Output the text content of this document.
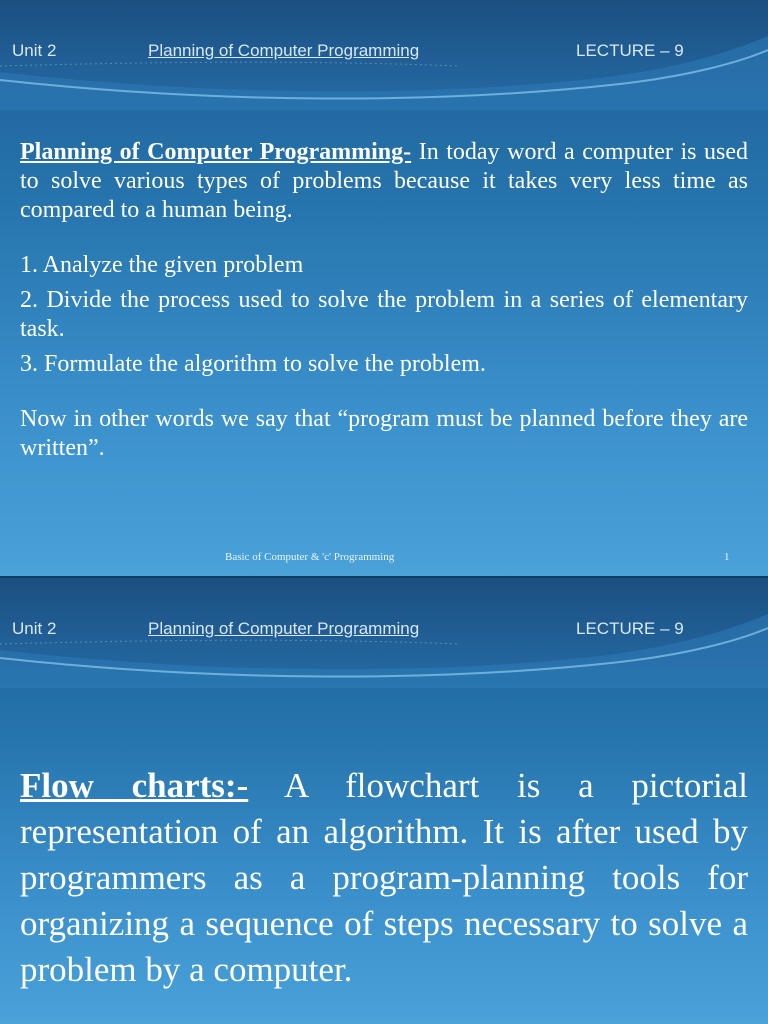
Unit 2	Planning of Computer Programming	LECTURE – 9

Planning of Computer Programming- In today word a computer is used to solve various types of problems because it takes very less time as compared to a human being.

1. Analyze the given problem
2. Divide the process used to solve the problem in a series of elementary task.
3. Formulate the algorithm to solve the problem.

Now in other words we say that “program must be planned before they are written”.

Basic of Computer & 'c' Programming	1
Unit 2	Planning of Computer Programming	LECTURE – 9

Flow charts:- A flowchart is a pictorial representation of an algorithm. It is after used by programmers as a program-planning tools for organizing a sequence of steps necessary to solve a problem by a computer.
